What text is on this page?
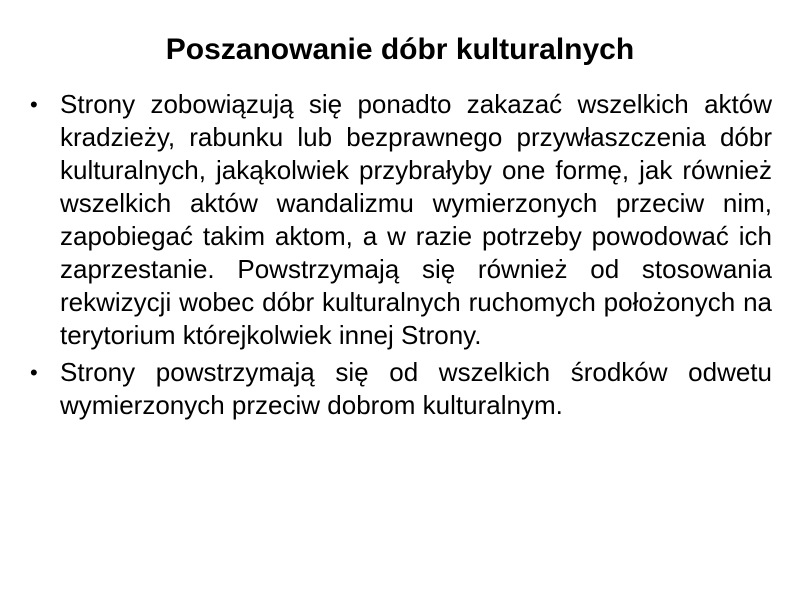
Poszanowanie dóbr kulturalnych
• Strony zobowiązują się ponadto zakazać wszelkich aktów kradzieży, rabunku lub bezprawnego przywłaszczenia dóbr kulturalnych, jakąkolwiek przybrałyby one formę, jak również wszelkich aktów wandalizmu wymierzonych przeciw nim, zapobiegać takim aktom, a w razie potrzeby powodować ich zaprzestanie. Powstrzymają się również od stosowania rekwizycji wobec dóbr kulturalnych ruchomych położonych na terytorium którejkolwiek innej Strony.
• Strony powstrzymają się od wszelkich środków odwetu wymierzonych przeciw dobrom kulturalnym.
